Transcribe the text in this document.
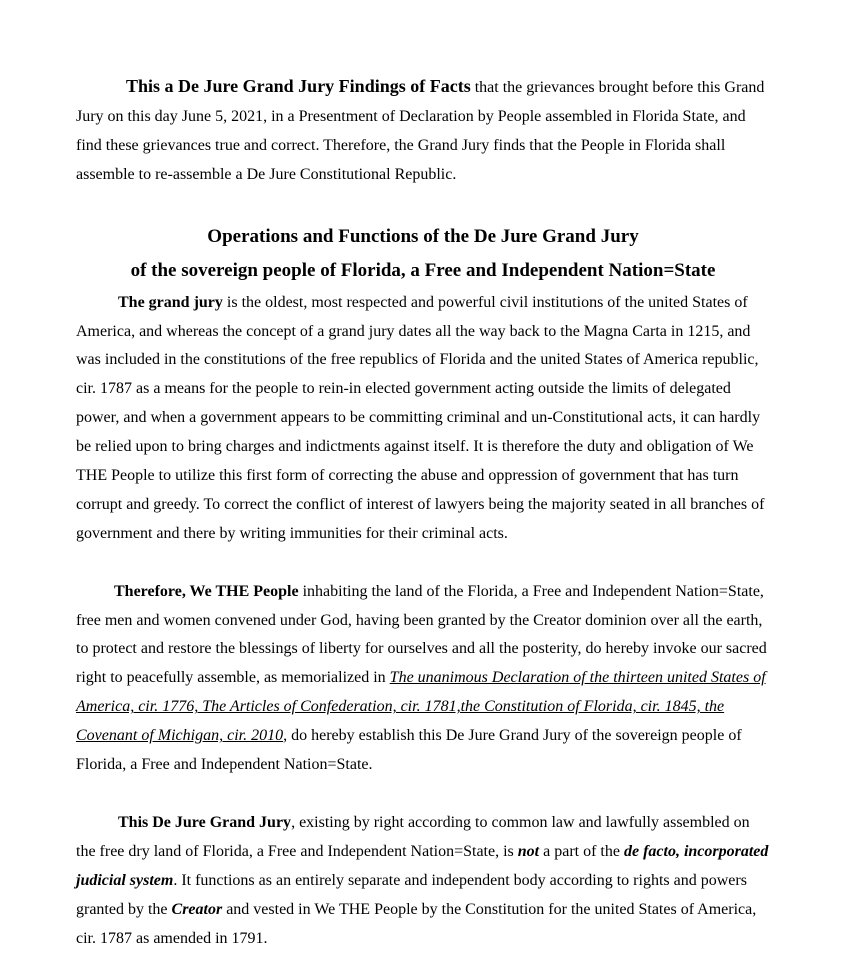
This a De Jure Grand Jury Findings of Facts that the grievances brought before this Grand Jury on this day June 5, 2021, in a Presentment of Declaration by People assembled in Florida State, and find these grievances true and correct. Therefore, the Grand Jury finds that the People in Florida shall assemble to re-assemble a De Jure Constitutional Republic.

Operations and Functions of the De Jure Grand Jury

of the sovereign people of Florida, a Free and Independent Nation=State

The grand jury is the oldest, most respected and powerful civil institutions of the united States of America, and whereas the concept of a grand jury dates all the way back to the Magna Carta in 1215, and was included in the constitutions of the free republics of Florida and the united States of America republic, cir. 1787 as a means for the people to rein-in elected government acting outside the limits of delegated power, and when a government appears to be committing criminal and un-Constitutional acts, it can hardly be relied upon to bring charges and indictments against itself. It is therefore the duty and obligation of We THE People to utilize this first form of correcting the abuse and oppression of government that has turn corrupt and greedy. To correct the conflict of interest of lawyers being the majority seated in all branches of government and there by writing immunities for their criminal acts.

Therefore, We THE People inhabiting the land of the Florida, a Free and Independent Nation=State, free men and women convened under God, having been granted by the Creator dominion over all the earth, to protect and restore the blessings of liberty for ourselves and all the posterity, do hereby invoke our sacred right to peacefully assemble, as memorialized in The unanimous Declaration of the thirteen united States of America, cir. 1776, The Articles of Confederation, cir. 1781,the Constitution of Florida, cir. 1845, the Covenant of Michigan, cir. 2010, do hereby establish this De Jure Grand Jury of the sovereign people of Florida, a Free and Independent Nation=State.

This De Jure Grand Jury, existing by right according to common law and lawfully assembled on the free dry land of Florida, a Free and Independent Nation=State, is not a part of the de facto, incorporated judicial system. It functions as an entirely separate and independent body according to rights and powers granted by the Creator and vested in We THE People by the Constitution for the united States of America, cir. 1787 as amended in 1791.
